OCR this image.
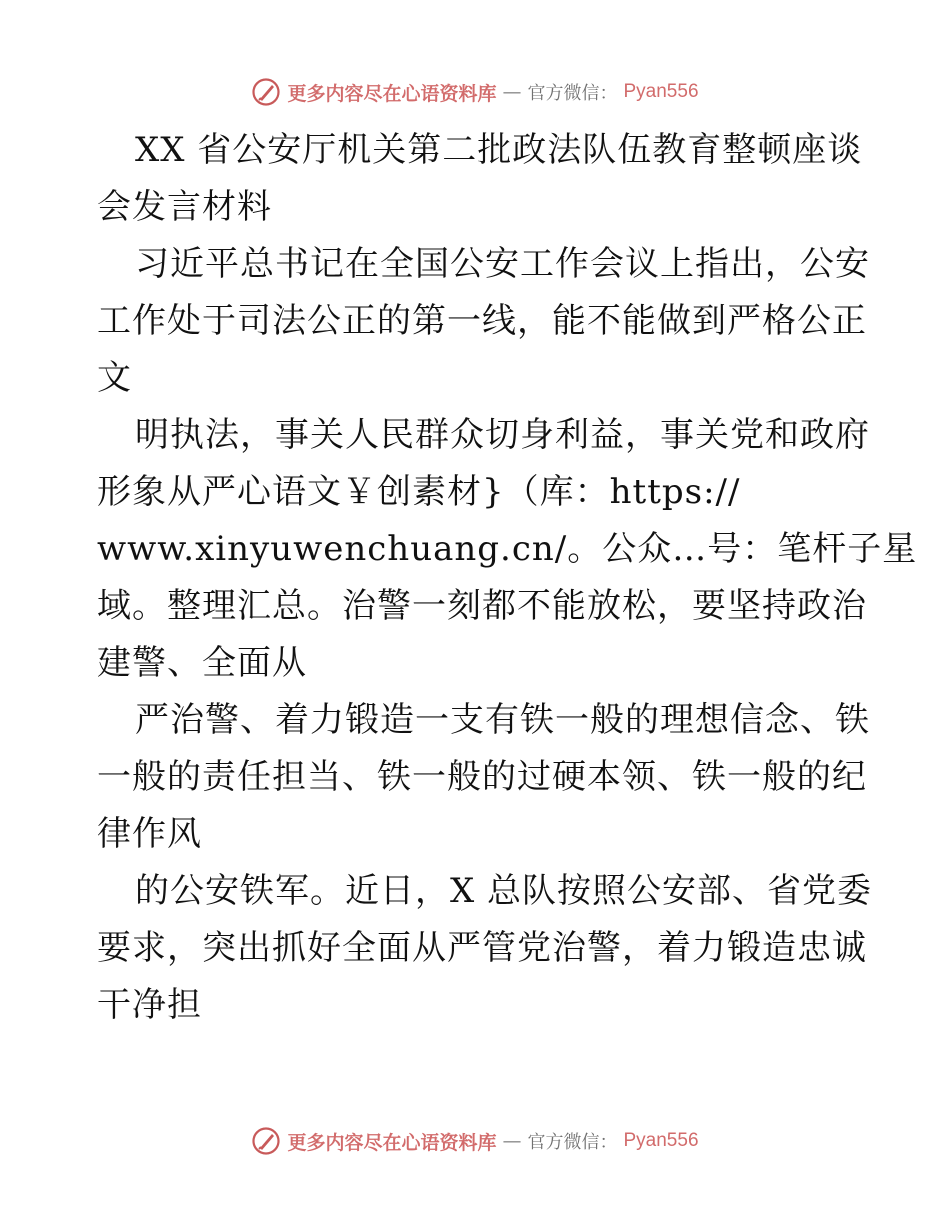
更多内容尽在心语资料库 — 官方微信： Pyan556
XX 省公安厅机关第二批政法队伍教育整顿座谈
会发言材料
习近平总书记在全国公安工作会议上指出，公安
工作处于司法公正的第一线，能不能做到严格公正
文
明执法，事关人民群众切身利益，事关党和政府
形象从严心语文￥创素材}（库：https://
www.xinyuwenchuang.cn/。公众…号：笔杆子星
域。整理汇总。治警一刻都不能放松，要坚持政治
建警、全面从
严治警、着力锻造一支有铁一般的理想信念、铁
一般的责任担当、铁一般的过硬本领、铁一般的纪
律作风
的公安铁军。近日，X 总队按照公安部、省党委
要求，突出抓好全面从严管党治警，着力锻造忠诚
干净担
更多内容尽在心语资料库 — 官方微信： Pyan556
